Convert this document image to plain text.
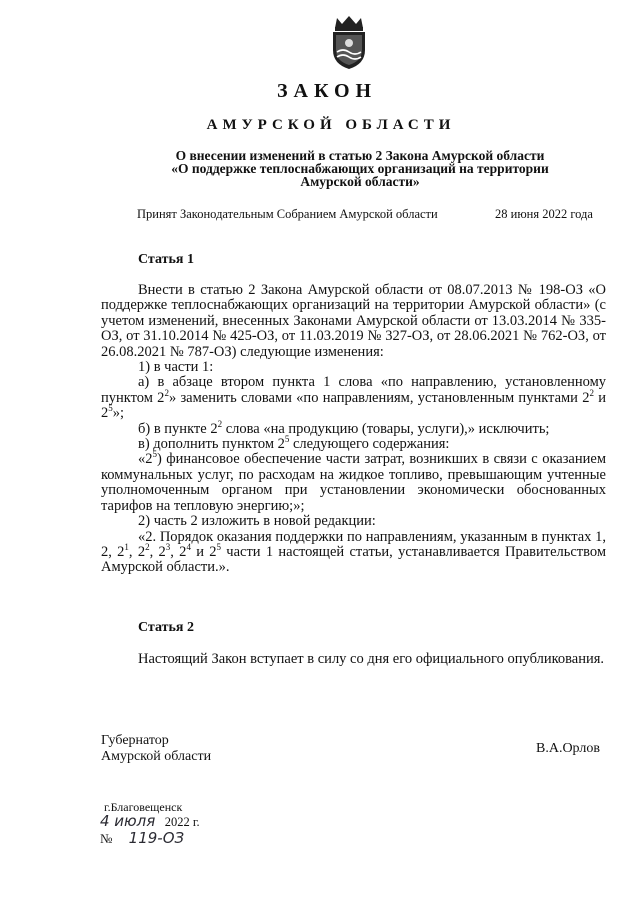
ЗАКОН
АМУРСКОЙ ОБЛАСТИ
О внесении изменений в статью 2 Закона Амурской области
«О поддержке теплоснабжающих организаций на территории
Амурской области»
Принят Законодательным Собранием Амурской области	28 июня 2022 года
Статья 1

Внести в статью 2 Закона Амурской области от 08.07.2013 № 198-ОЗ «О поддержке теплоснабжающих организаций на территории Амурской области» (с учетом изменений, внесенных Законами Амурской области от 13.03.2014 № 335-ОЗ, от 31.10.2014 № 425-ОЗ, от 11.03.2019 № 327-ОЗ, от 28.06.2021 № 762-ОЗ, от 26.08.2021 № 787-ОЗ) следующие изменения:

1) в части 1:

а) в абзаце втором пункта 1 слова «по направлению, установленному пунктом $2^2$» заменить словами «по направлениям, установленным пунктами $2^2$ и $2^5$»;

б) в пункте $2^2$ слова «на продукцию (товары, услуги),» исключить;

в) дополнить пунктом $2^5$ следующего содержания:

«$2^5$) финансовое обеспечение части затрат, возникших в связи с оказанием коммунальных услуг, по расходам на жидкое топливо, превышающим учтенные уполномоченным органом при установлении экономически обоснованных тарифов на тепловую энергию;»;

2) часть 2 изложить в новой редакции:

«2. Порядок оказания поддержки по направлениям, указанным в пунктах 1, 2, $2^1$, $2^2$, $2^3$, $2^4$ и $2^5$ части 1 настоящей статьи, устанавливается Правительством Амурской области.».

Статья 2

Настоящий Закон вступает в силу со дня его официального опубликования.

Губернатор
Амурской области
В.А.Орлов
г.Благовещенск
4 июля 2022 г.
№ 119-ОЗ
